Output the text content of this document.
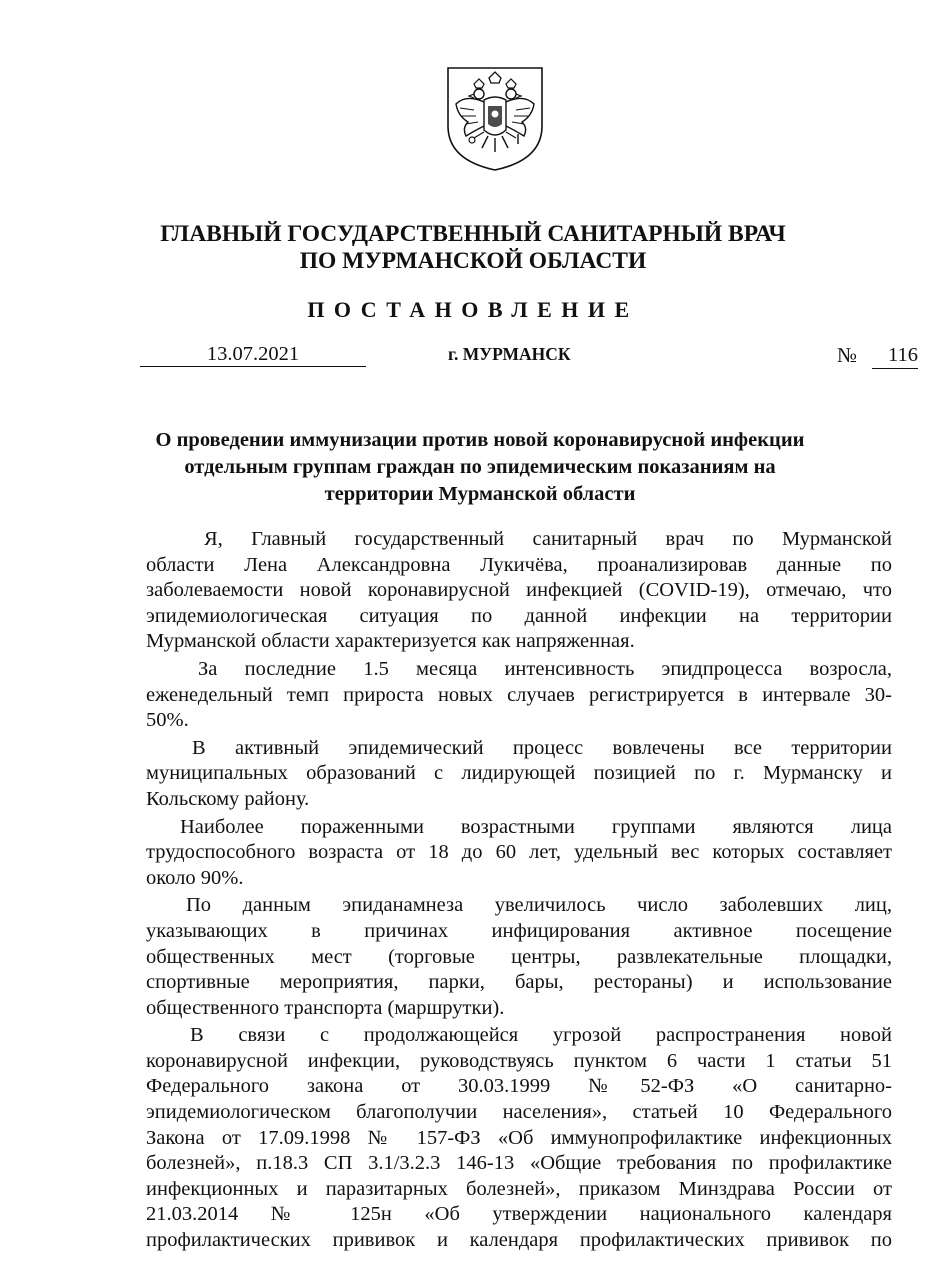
ГЛАВНЫЙ ГОСУДАРСТВЕННЫЙ САНИТАРНЫЙ ВРАЧ
ПО МУРМАНСКОЙ ОБЛАСТИ
ПОСТАНОВЛЕНИЕ
13.07.2021	г. МУРМАНСК	№	116
О проведении иммунизации против новой коронавирусной инфекции
отдельным группам граждан по эпидемическим показаниям на
территории Мурманской области
Я, Главный государственный санитарный врач по Мурманской
области Лена Александровна Лукичёва, проанализировав данные по
заболеваемости новой коронавирусной инфекцией (COVID-19), отмечаю, что
эпидемиологическая ситуация по данной инфекции на территории
Мурманской области характеризуется как напряженная.
За последние 1.5 месяца интенсивность эпидпроцесса возросла,
еженедельный темп прироста новых случаев регистрируется в интервале 30-
50%.
В активный эпидемический процесс вовлечены все территории
муниципальных образований с лидирующей позицией по г. Мурманску и
Кольскому району.
Наиболее пораженными возрастными группами являются лица
трудоспособного возраста от 18 до 60 лет, удельный вес которых составляет
около 90%.
По данным эпиданамнеза увеличилось число заболевших лиц,
указывающих в причинах инфицирования активное посещение
общественных мест (торговые центры, развлекательные площадки,
спортивные мероприятия, парки, бары, рестораны) и использование
общественного транспорта (маршрутки).
В связи с продолжающейся угрозой распространения новой
коронавирусной инфекции, руководствуясь пунктом 6 части 1 статьи 51
Федерального закона от 30.03.1999 №52-ФЗ «О санитарно-
эпидемиологическом благополучии населения», статьей 10 Федерального
Закона от 17.09.1998 № 157-ФЗ «Об иммунопрофилактике инфекционных
болезней», п.18.3 СП 3.1/3.2.3 146-13 «Общие требования по профилактике
инфекционных и паразитарных болезней», приказом Минздрава России от
21.03.2014 № 125н «Об утверждении национального календаря
профилактических прививок и календаря профилактических прививок по
